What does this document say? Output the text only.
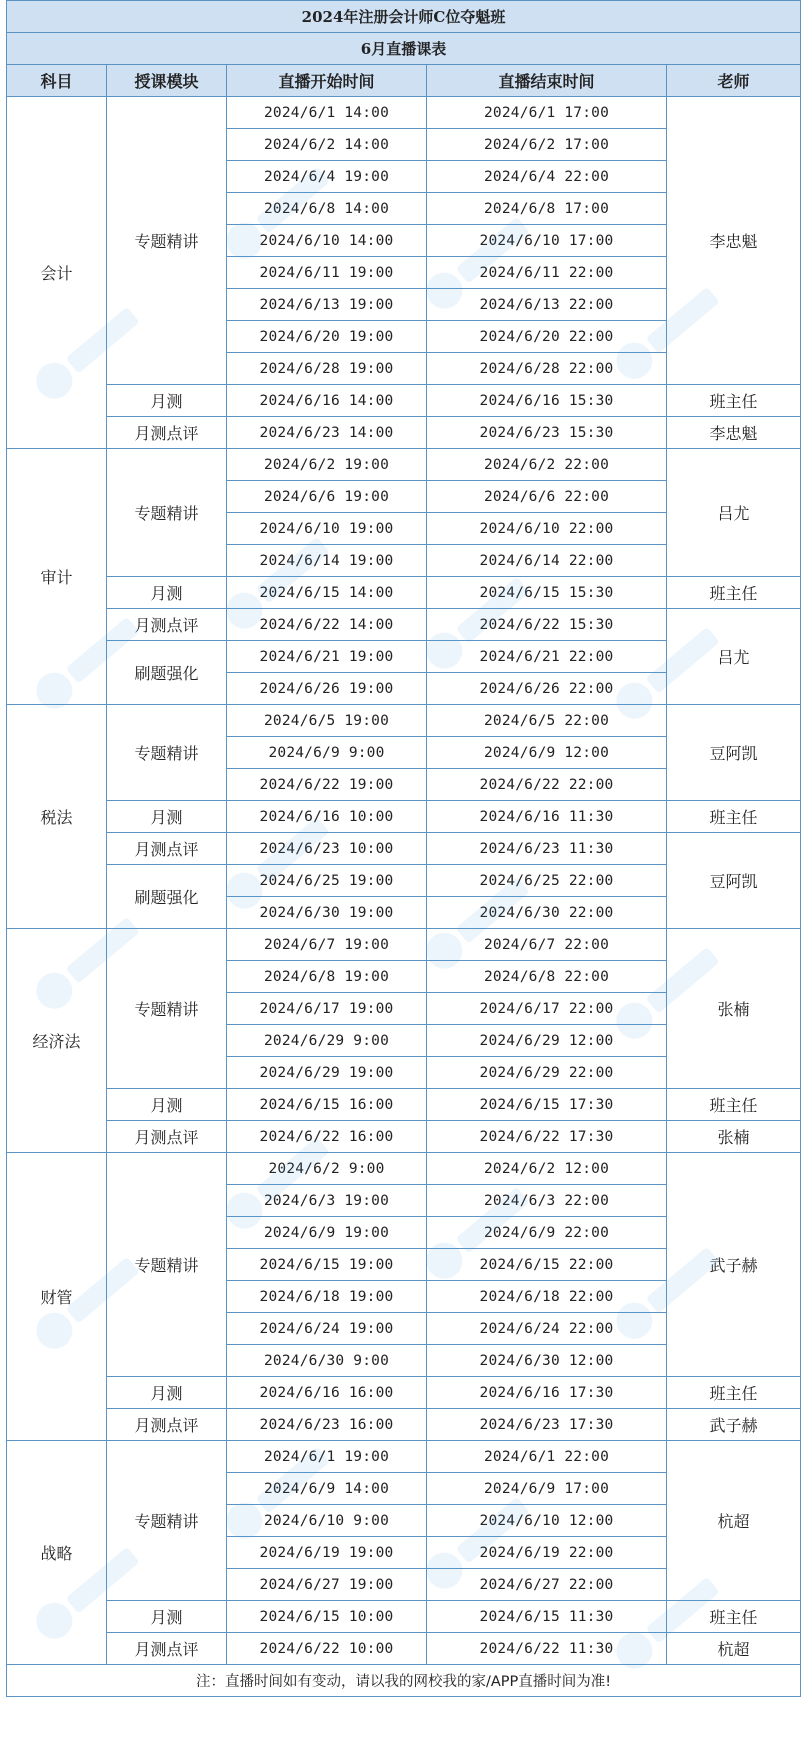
2024年注册会计师C位夺魁班				
6月直播课表				
科目	授课模块	直播开始时间	直播结束时间	老师
会计	专题精讲	2024/6/1 14:00	2024/6/1 17:00	李忠魁
		2024/6/2 14:00	2024/6/2 17:00	
		2024/6/4 19:00	2024/6/4 22:00	
		2024/6/8 14:00	2024/6/8 17:00	
		2024/6/10 14:00	2024/6/10 17:00	
		2024/6/11 19:00	2024/6/11 22:00	
		2024/6/13 19:00	2024/6/13 22:00	
		2024/6/20 19:00	2024/6/20 22:00	
		2024/6/28 19:00	2024/6/28 22:00	
	月测	2024/6/16 14:00	2024/6/16 15:30	班主任
	月测点评	2024/6/23 14:00	2024/6/23 15:30	李忠魁
审计	专题精讲	2024/6/2 19:00	2024/6/2 22:00	吕尤
		2024/6/6 19:00	2024/6/6 22:00	
		2024/6/10 19:00	2024/6/10 22:00	
		2024/6/14 19:00	2024/6/14 22:00	
	月测	2024/6/15 14:00	2024/6/15 15:30	班主任
	月测点评	2024/6/22 14:00	2024/6/22 15:30	吕尤
	刷题强化	2024/6/21 19:00	2024/6/21 22:00	
		2024/6/26 19:00	2024/6/26 22:00	
税法	专题精讲	2024/6/5 19:00	2024/6/5 22:00	豆阿凯
		2024/6/9 9:00	2024/6/9 12:00	
		2024/6/22 19:00	2024/6/22 22:00	
	月测	2024/6/16 10:00	2024/6/16 11:30	班主任
	月测点评	2024/6/23 10:00	2024/6/23 11:30	豆阿凯
	刷题强化	2024/6/25 19:00	2024/6/25 22:00	
		2024/6/30 19:00	2024/6/30 22:00	
经济法	专题精讲	2024/6/7 19:00	2024/6/7 22:00	张楠
		2024/6/8 19:00	2024/6/8 22:00	
		2024/6/17 19:00	2024/6/17 22:00	
		2024/6/29 9:00	2024/6/29 12:00	
		2024/6/29 19:00	2024/6/29 22:00	
	月测	2024/6/15 16:00	2024/6/15 17:30	班主任
	月测点评	2024/6/22 16:00	2024/6/22 17:30	张楠
财管	专题精讲	2024/6/2 9:00	2024/6/2 12:00	武子赫
		2024/6/3 19:00	2024/6/3 22:00	
		2024/6/9 19:00	2024/6/9 22:00	
		2024/6/15 19:00	2024/6/15 22:00	
		2024/6/18 19:00	2024/6/18 22:00	
		2024/6/24 19:00	2024/6/24 22:00	
		2024/6/30 9:00	2024/6/30 12:00	
	月测	2024/6/16 16:00	2024/6/16 17:30	班主任
	月测点评	2024/6/23 16:00	2024/6/23 17:30	武子赫
战略	专题精讲	2024/6/1 19:00	2024/6/1 22:00	杭超
		2024/6/9 14:00	2024/6/9 17:00	
		2024/6/10 9:00	2024/6/10 12:00	
		2024/6/19 19:00	2024/6/19 22:00	
		2024/6/27 19:00	2024/6/27 22:00	
	月测	2024/6/15 10:00	2024/6/15 11:30	班主任
	月测点评	2024/6/22 10:00	2024/6/22 11:30	杭超
注：直播时间如有变动，请以我的网校我的家/APP直播时间为准!				
